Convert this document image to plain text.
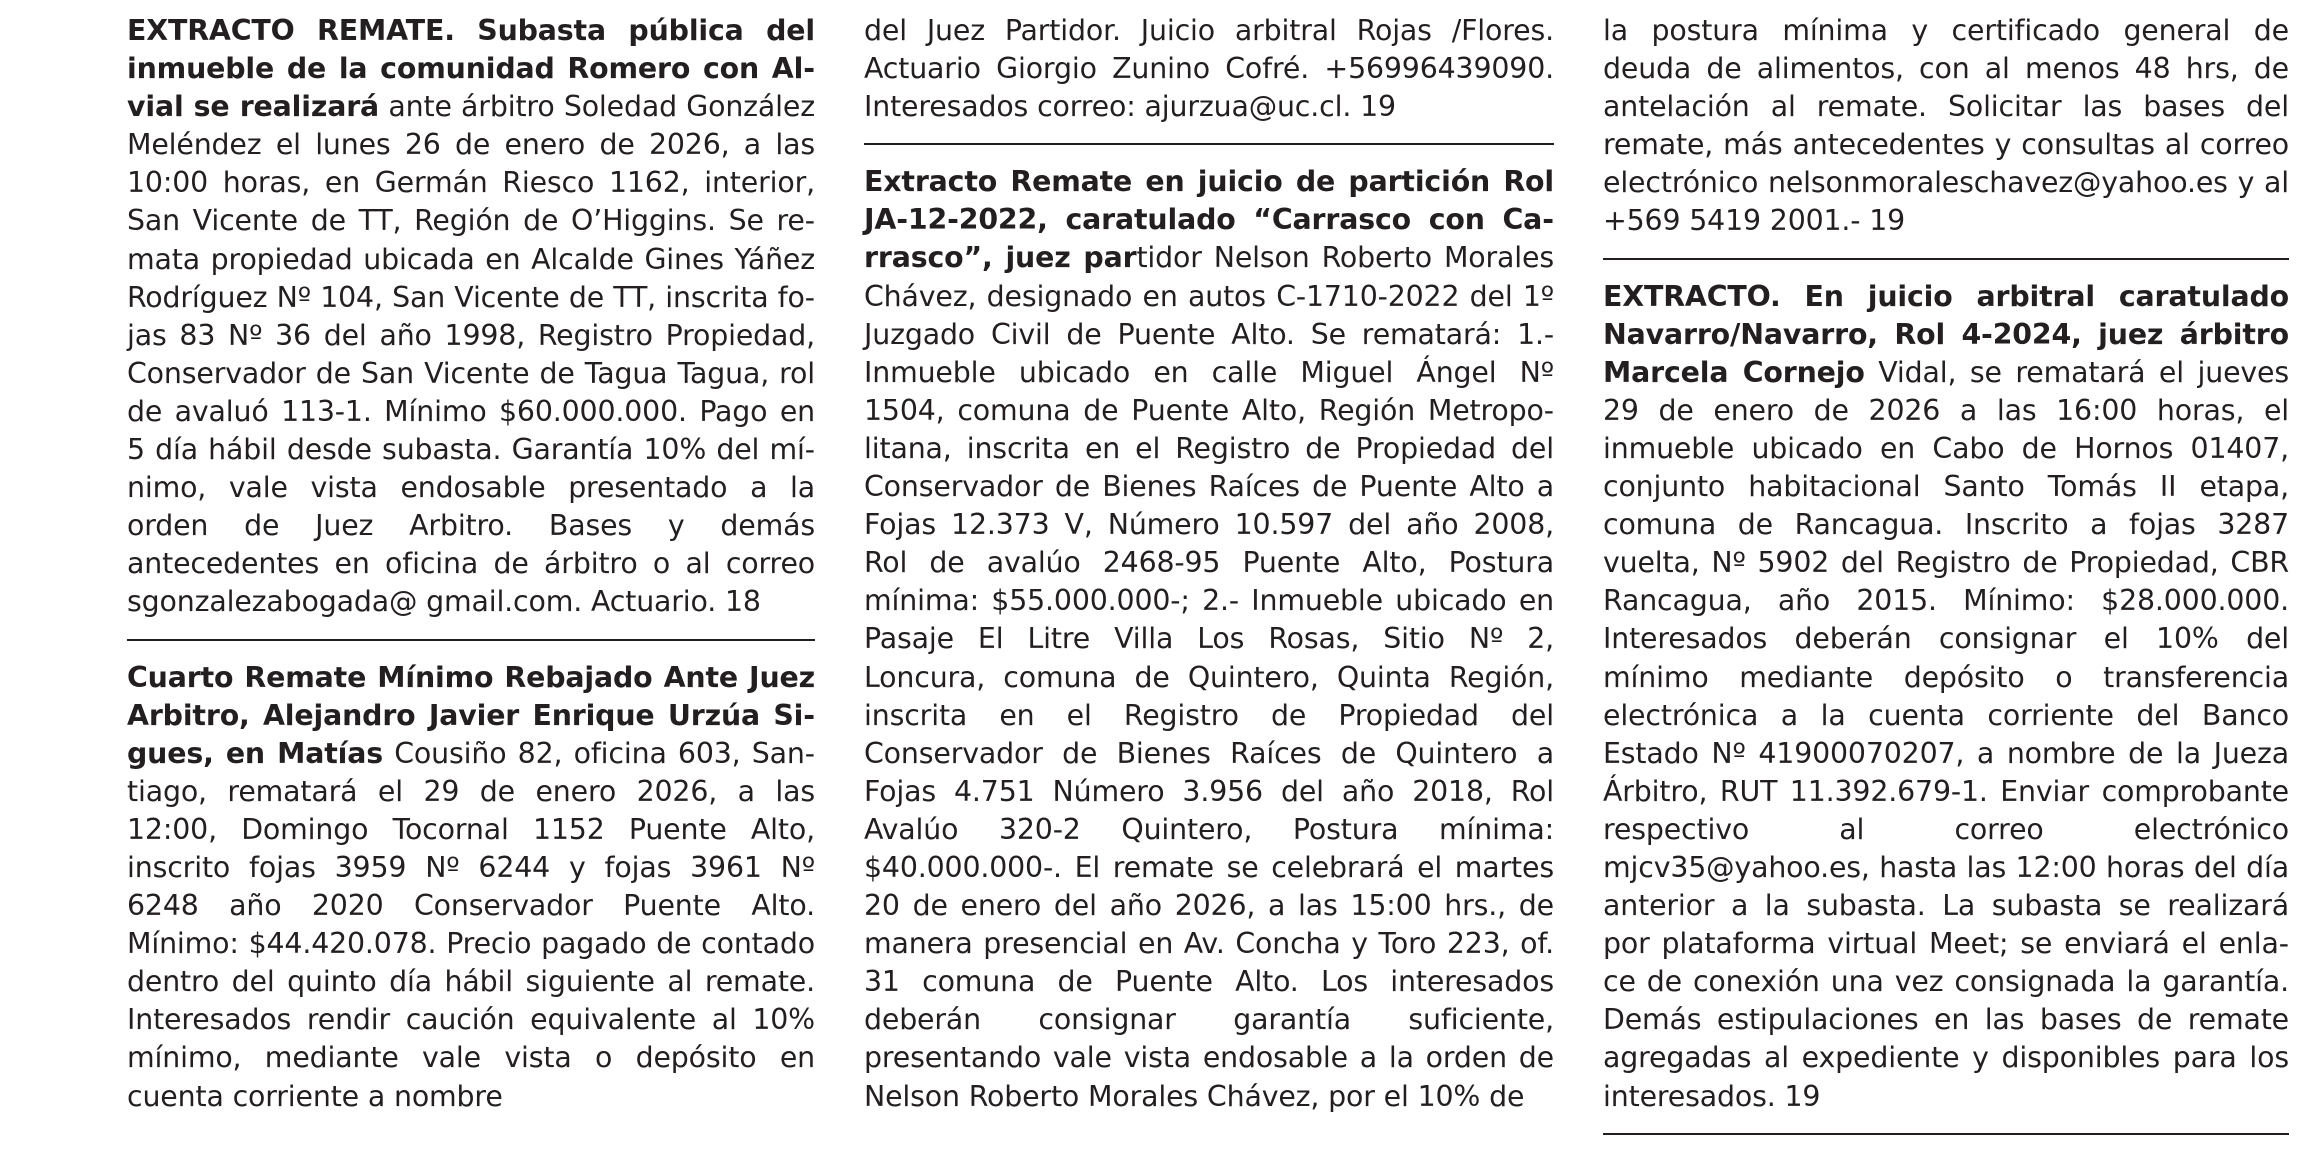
EXTRACTO REMATE. Subasta pública del inmueble de la comunidad Romero con Alvial se realizará ante árbitro Soledad González Meléndez el lunes 26 de enero de 2026, a las 10:00 horas, en Germán Riesco 1162, interior, San Vicente de TT, Región de O’Higgins. Se remata propiedad ubicada en Alcalde Gines Yáñez Rodríguez Nº 104, San Vicente de TT, inscrita fojas 83 Nº 36 del año 1998, Registro Propiedad, Conservador de San Vicente de Tagua Tagua, rol de avaluó 113-1. Mínimo $60.000.000. Pago en 5 día hábil desde subasta. Garantía 10% del mínimo, vale vista endosable presentado a la orden de Juez Arbitro. Bases y demás antecedentes en oficina de árbitro o al correo sgonzalezabogada@ gmail.com. Actuario. 18

Cuarto Remate Mínimo Rebajado Ante Juez Arbitro, Alejandro Javier Enrique Urzúa Sigues, en Matías Cousiño 82, oficina 603, Santiago, rematará el 29 de enero 2026, a las 12:00, Domingo Tocornal 1152 Puente Alto, inscrito fojas 3959 Nº 6244 y fojas 3961 Nº 6248 año 2020 Conservador Puente Alto. Mínimo: $44.420.078. Precio pagado de contado dentro del quinto día hábil siguiente al remate. Interesados rendir caución equivalente al 10% mínimo, mediante vale vista o depósito en cuenta corriente a nombre

del Juez Partidor. Juicio arbitral Rojas /Flores. Actuario Giorgio Zunino Cofré. +56996439090. Interesados correo: ajurzua@uc.cl. 19

Extracto Remate en juicio de partición Rol JA-12-2022, caratulado “Carrasco con Carrasco”, juez partidor Nelson Roberto Morales Chávez, designado en autos C-1710-2022 del 1º Juzgado Civil de Puente Alto. Se rematará: 1.- Inmueble ubicado en calle Miguel Ángel Nº 1504, comuna de Puente Alto, Región Metropolitana, inscrita en el Registro de Propiedad del Conservador de Bienes Raíces de Puente Alto a Fojas 12.373 V, Número 10.597 del año 2008, Rol de avalúo 2468-95 Puente Alto, Postura mínima: $55.000.000-; 2.- Inmueble ubicado en Pasaje El Litre Villa Los Rosas, Sitio Nº 2, Loncura, comuna de Quintero, Quinta Región, inscrita en el Registro de Propiedad del Conservador de Bienes Raíces de Quintero a Fojas 4.751 Número 3.956 del año 2018, Rol Avalúo 320-2 Quintero, Postura mínima: $40.000.000-. El remate se celebrará el martes 20 de enero del año 2026, a las 15:00 hrs., de manera presencial en Av. Concha y Toro 223, of. 31 comuna de Puente Alto. Los interesados deberán consignar garantía suficiente, presentando vale vista endosable a la orden de Nelson Roberto Morales Chávez, por el 10% de

la postura mínima y certificado general de deuda de alimentos, con al menos 48 hrs, de antelación al remate. Solicitar las bases del remate, más antecedentes y consultas al correo electrónico nelsonmoraleschavez@yahoo.es y al +569 5419 2001.- 19

EXTRACTO. En juicio arbitral caratulado Navarro/Navarro, Rol 4-2024, juez árbitro Marcela Cornejo Vidal, se rematará el jueves 29 de enero de 2026 a las 16:00 horas, el inmueble ubicado en Cabo de Hornos 01407, conjunto habitacional Santo Tomás II etapa, comuna de Rancagua. Inscrito a fojas 3287 vuelta, Nº 5902 del Registro de Propiedad, CBR Rancagua, año 2015. Mínimo: $28.000.000. Interesados deberán consignar el 10% del mínimo mediante depósito o transferencia electrónica a la cuenta corriente del Banco Estado Nº 41900070207, a nombre de la Jueza Árbitro, RUT 11.392.679-1. Enviar comprobante respectivo al correo electrónico mjcv35@yahoo.es, hasta las 12:00 horas del día anterior a la subasta. La subasta se realizará por plataforma virtual Meet; se enviará el enlace de conexión una vez consignada la garantía. Demás estipulaciones en las bases de remate agregadas al expediente y disponibles para los interesados. 19
